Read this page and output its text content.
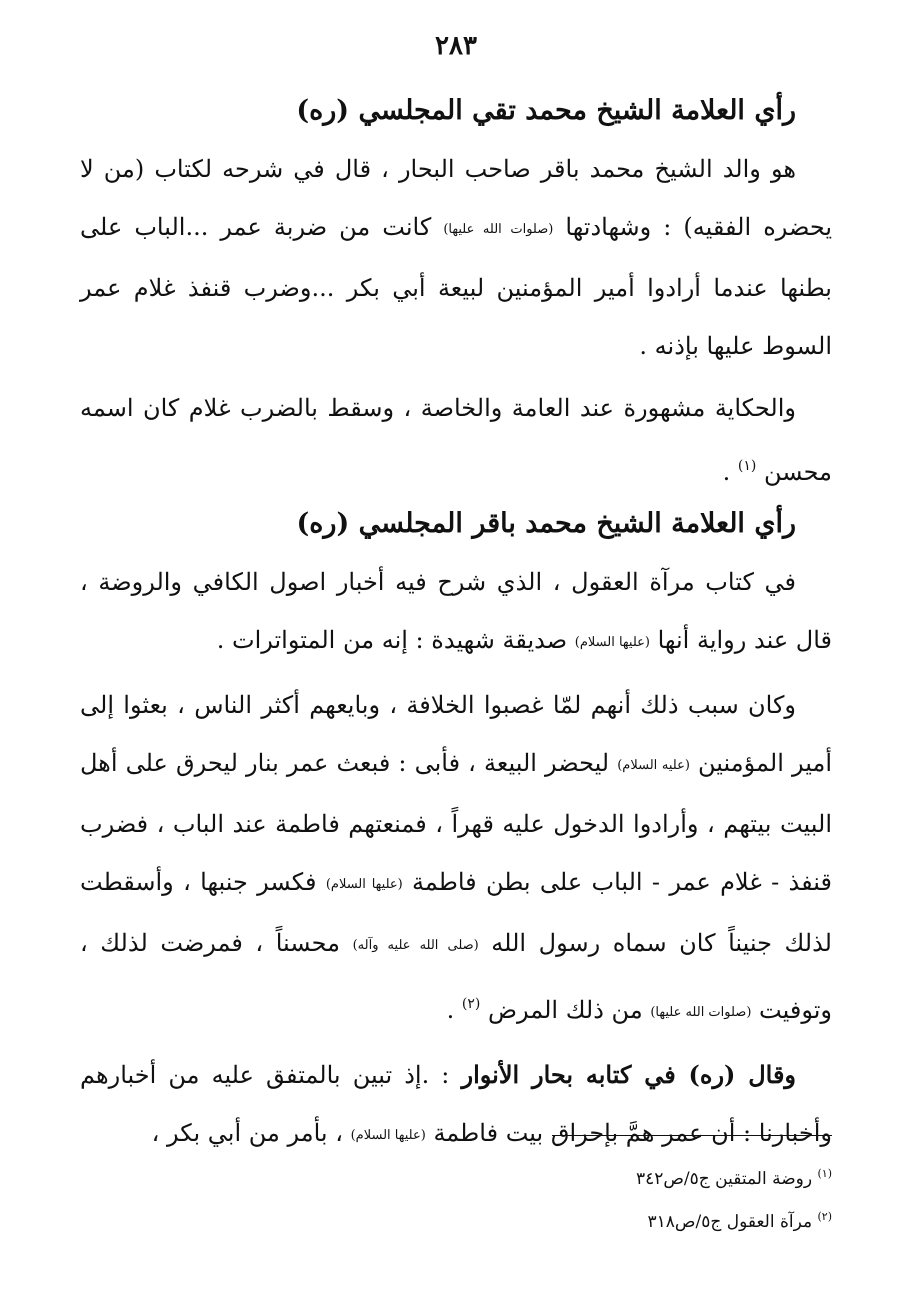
٢٨٣
رأي العلامة الشيخ محمد تقي المجلسي (ره)

هو والد الشيخ محمد باقر صاحب البحار ، قال في شرحه لكتاب (من لا يحضره الفقيه) : وشهادتها (صلوات الله عليها) كانت من ضربة عمر ...الباب على بطنها عندما أرادوا أمير المؤمنين لبيعة أبي بكر ...وضرب قنفذ غلام عمر السوط عليها بإذنه .

والحكاية مشهورة عند العامة والخاصة ، وسقط بالضرب غلام كان اسمه محسن $^{(١)}$ .

رأي العلامة الشيخ محمد باقر المجلسي (ره)

في كتاب مرآة العقول ، الذي شرح فيه أخبار اصول الكافي والروضة ، قال عند رواية أنها (عليها السلام) صديقة شهيدة : إنه من المتواترات .

وكان سبب ذلك أنهم لمّا غصبوا الخلافة ، وبايعهم أكثر الناس ، بعثوا إلى أمير المؤمنين (عليه السلام) ليحضر البيعة ، فأبى : فبعث عمر بنار ليحرق على أهل البيت بيتهم ، وأرادوا الدخول عليه قهراً ، فمنعتهم فاطمة عند الباب ، فضرب قنفذ - غلام عمر - الباب على بطن فاطمة (عليها السلام) فكسر جنبها ، وأسقطت لذلك جنيناً كان سماه رسول الله (صلى الله عليه وآله) محسناً ، فمرضت لذلك ، وتوفيت (صلوات الله عليها) من ذلك المرض $^{(٢)}$ .

وقال (ره) في كتابه بحار الأنوار : .إذ تبين بالمتفق عليه من أخبارهم وأخبارنا : أن عمر همَّ بإحراق بيت فاطمة (عليها السلام) ، بأمر من أبي بكر ،

$^{(١)}$ روضة المتقين ج٥/ص٣٤٢
$^{(٢)}$ مرآة العقول ج٥/ص٣١٨
